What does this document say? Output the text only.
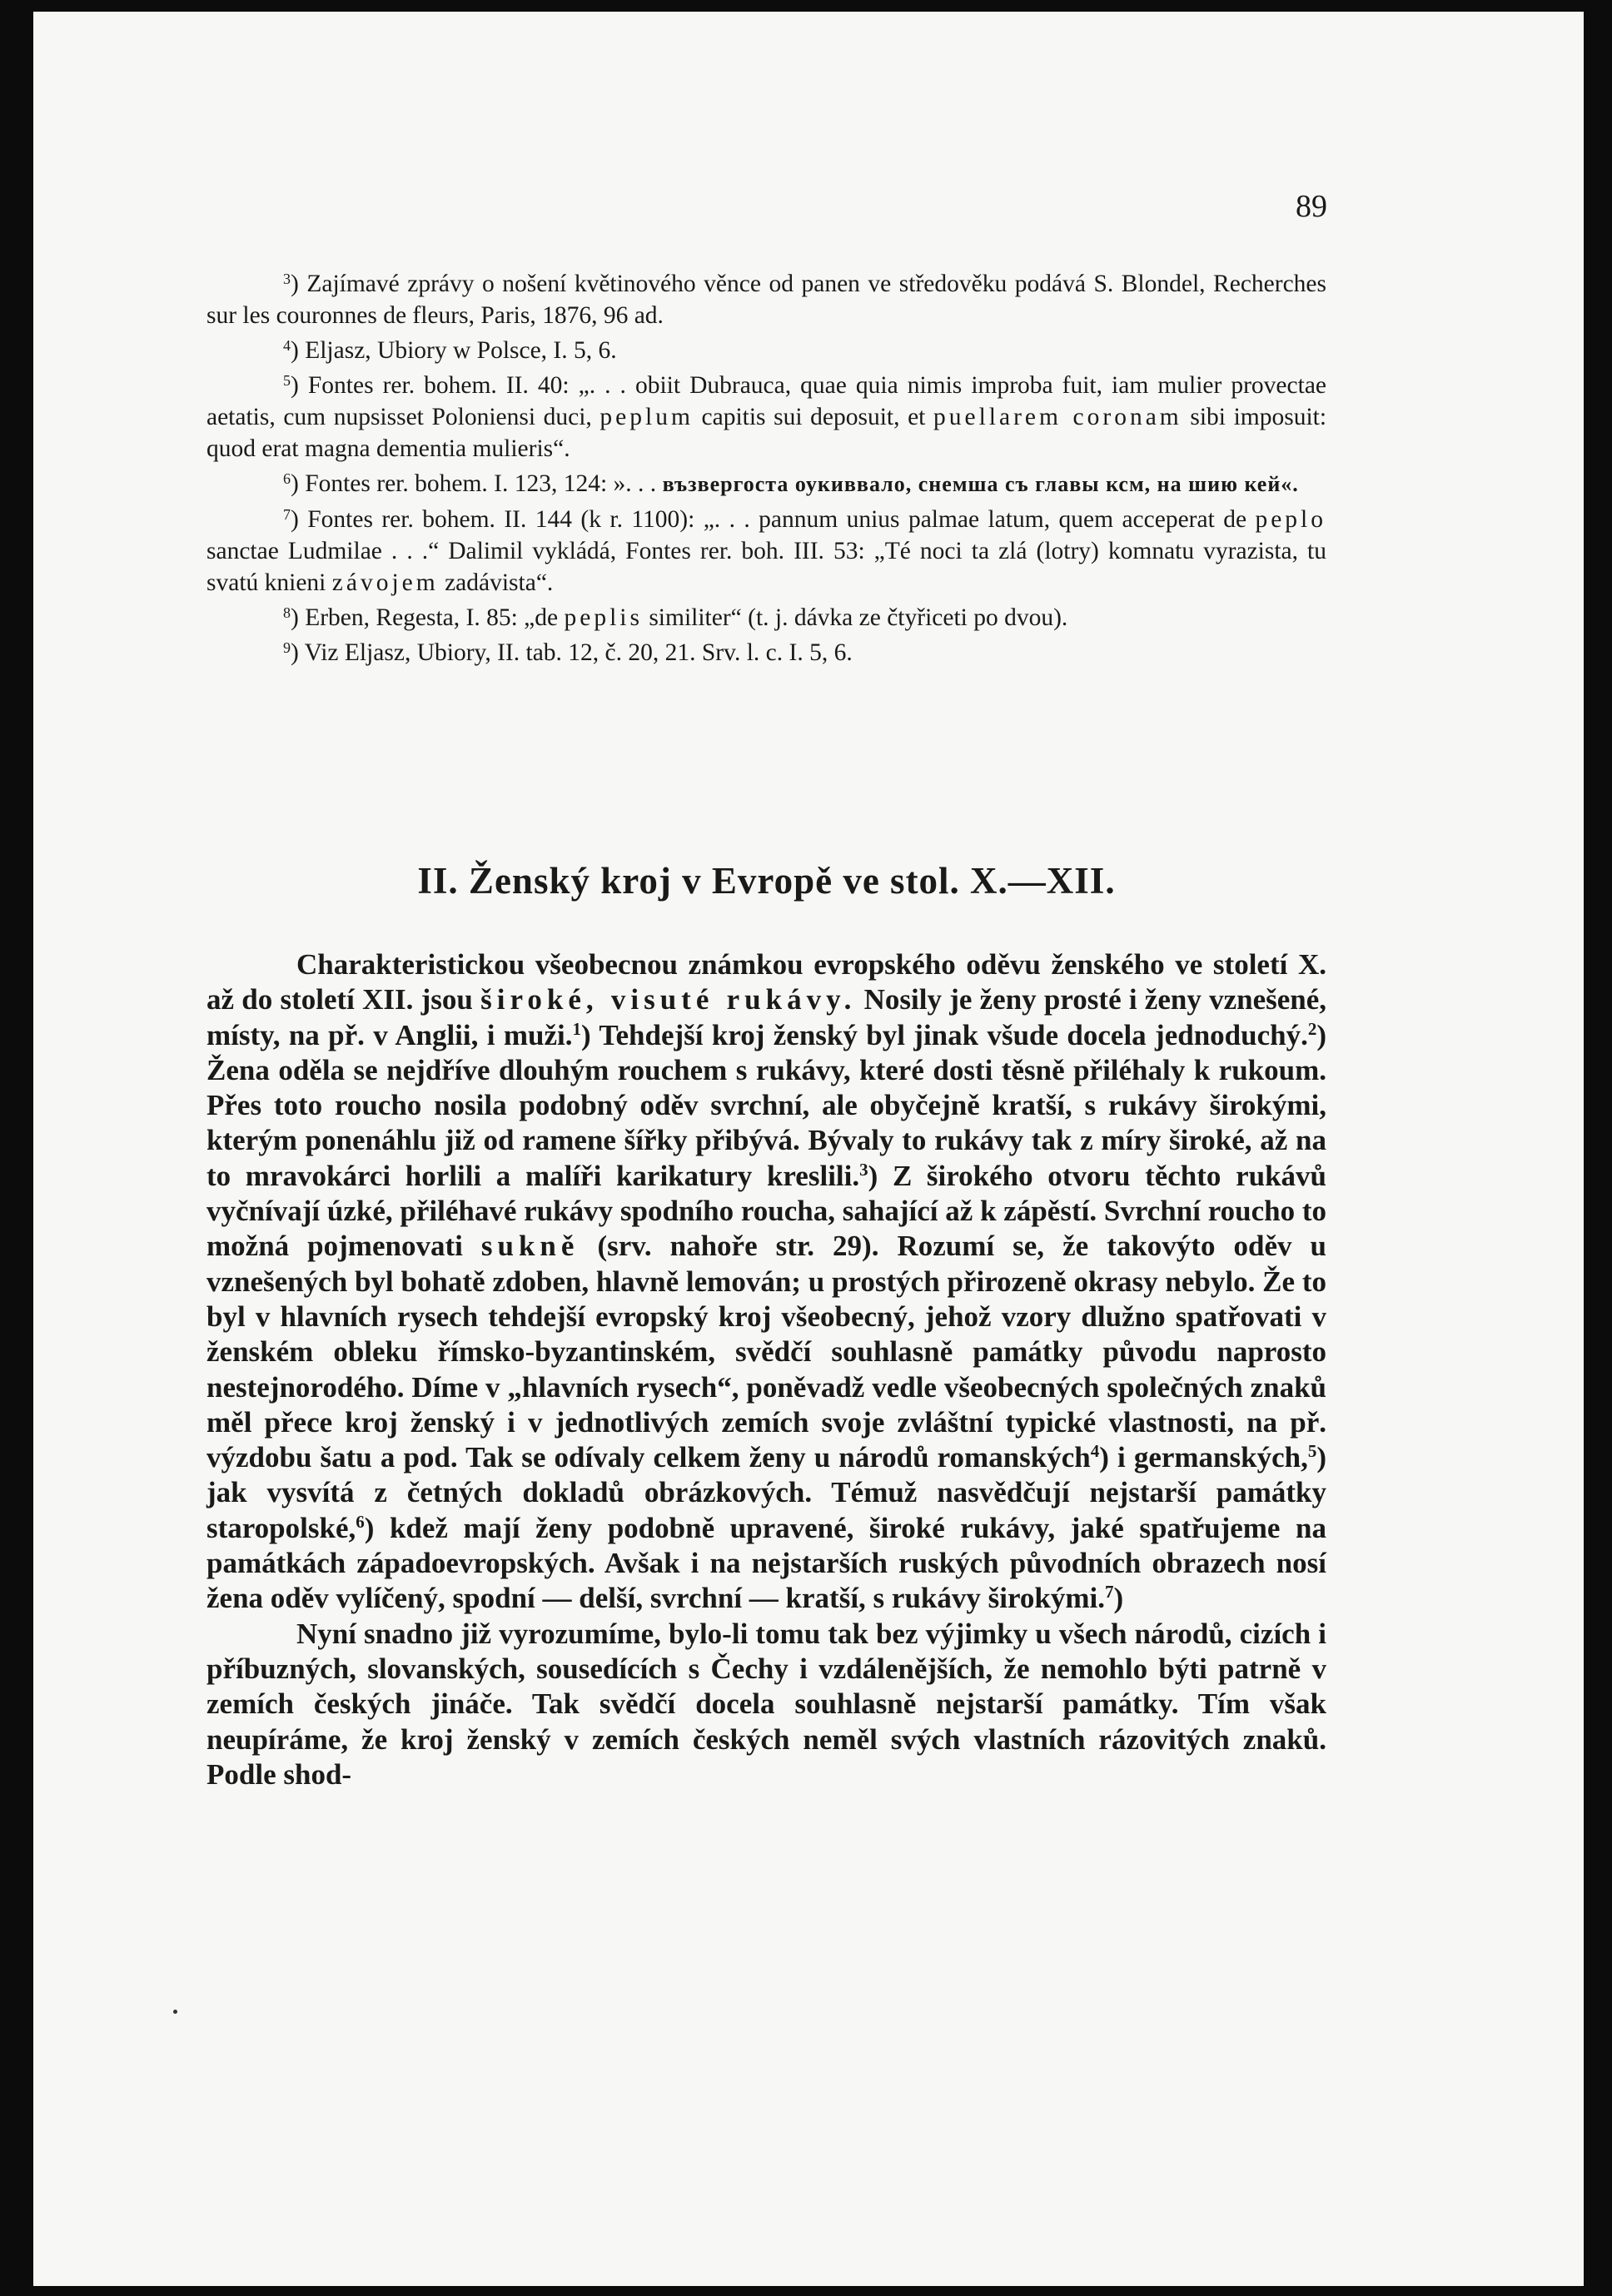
89

$^3$) Zajímavé zprávy o nošení květinového věnce od panen ve středověku podává S. Blondel, Recherches sur les couronnes de fleurs, Paris, 1876, 96 ad.

$^4$) Eljasz, Ubiory w Polsce, I. 5, 6.

$^5$) Fontes rer. bohem. II. 40: „. . . obiit Dubrauca, quae quia nimis improba fuit, iam mulier provectae aetatis, cum nupsisset Poloniensi duci, peplum capitis sui deposuit, et puellarem coronam sibi imposuit: quod erat magna dementia mulieris“.

$^6$) Fontes rer. bohem. I. 123, 124: ». . . възвергоста оукиввало, снемша съ главы ксм, на шию кей«.

$^7$) Fontes rer. bohem. II. 144 (k r. 1100): „. . . pannum unius palmae latum, quem acceperat de peplo sanctae Ludmilae . . .“ Dalimil vykládá, Fontes rer. boh. III. 53: „Té noci ta zlá (lotry) komnatu vyrazista, tu svatú knieni závojem zadávista“.

$^8$) Erben, Regesta, I. 85: „de peplis similiter“ (t. j. dávka ze čtyřiceti po dvou).

$^9$) Viz Eljasz, Ubiory, II. tab. 12, č. 20, 21. Srv. l. c. I. 5, 6.

II. Ženský kroj v Evropě ve stol. X.—XII.

Charakteristickou všeobecnou známkou evropského oděvu ženského ve století X. až do století XII. jsou široké, visuté rukávy. Nosily je ženy prosté i ženy vznešené, místy, na př. v Anglii, i muži.$^1$) Tehdejší kroj ženský byl jinak všude docela jednoduchý.$^2$) Žena oděla se nejdříve dlouhým rouchem s rukávy, které dosti těsně přiléhaly k rukoum. Přes toto roucho nosila podobný oděv svrchní, ale obyčejně kratší, s rukávy širokými, kterým ponenáhlu již od ramene šířky přibývá. Bývaly to rukávy tak z míry široké, až na to mravokárci horlili a malíři karikatury kreslili.$^3$) Z širokého otvoru těchto rukávů vyčnívají úzké, přiléhavé rukávy spodního roucha, sahající až k zápěstí. Svrchní roucho to možná pojmenovati sukně (srv. nahoře str. 29). Rozumí se, že takovýto oděv u vznešených byl bohatě zdoben, hlavně lemován; u prostých přirozeně okrasy nebylo. Že to byl v hlavních rysech tehdejší evropský kroj všeobecný, jehož vzory dlužno spatřovati v ženském obleku římsko-byzantinském, svědčí souhlasně památky původu naprosto nestejnorodého. Díme v „hlavních rysech“, poněvadž vedle všeobecných společných znaků měl přece kroj ženský i v jednotlivých zemích svoje zvláštní typické vlastnosti, na př. výzdobu šatu a pod. Tak se odívaly celkem ženy u národů romanských$^4$) i germanských,$^5$) jak vysvítá z četných dokladů obrázkových. Témuž nasvědčují nejstarší památky staropolské,$^6$) kdež mají ženy podobně upravené, široké rukávy, jaké spatřujeme na památkách západoevropských. Avšak i na nejstarších ruských původních obrazech nosí žena oděv vylíčený, spodní — delší, svrchní — kratší, s rukávy širokými.$^7$)

Nyní snadno již vyrozumíme, bylo-li tomu tak bez výjimky u všech národů, cizích i příbuzných, slovanských, sousedících s Čechy i vzdálenějších, že nemohlo býti patrně v zemích českých jináče. Tak svědčí docela souhlasně nejstarší památky. Tím však neupíráme, že kroj ženský v zemích českých neměl svých vlastních rázovitých znaků. Podle shod-
